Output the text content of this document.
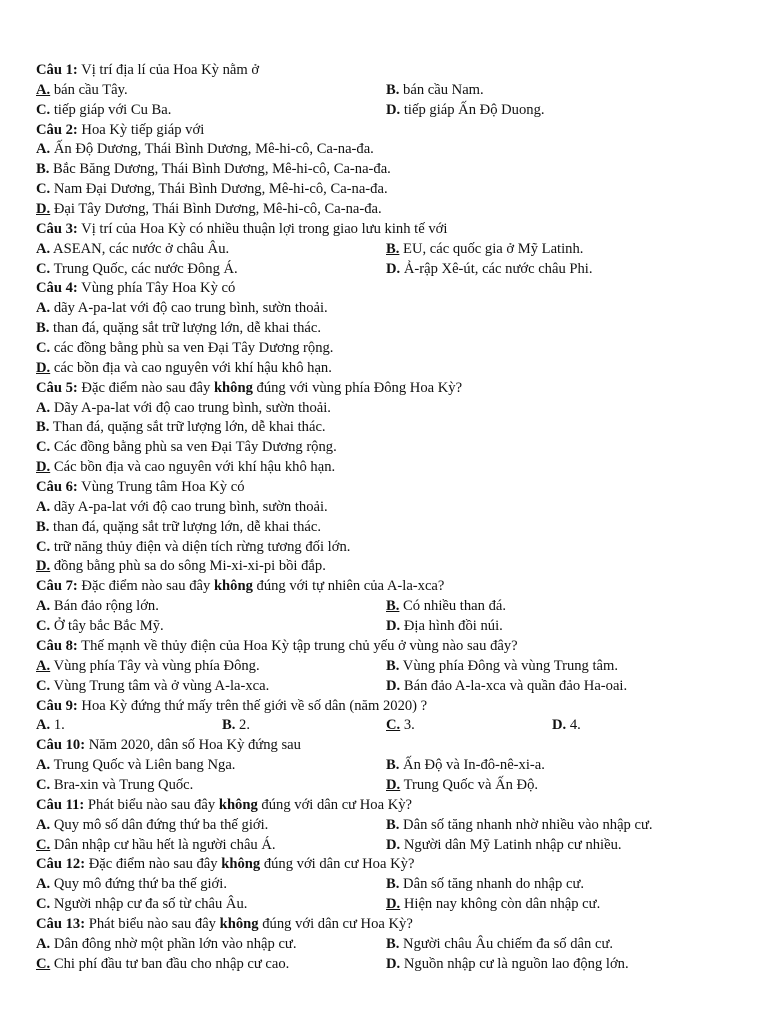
Câu 1: Vị trí địa lí của Hoa Kỳ nằm ở
A. bán cầu Tây.	B. bán cầu Nam.
C. tiếp giáp với Cu Ba.	D. tiếp giáp Ấn Độ Duong.
Câu 2: Hoa Kỳ tiếp giáp với
A. Ấn Độ Dương, Thái Bình Dương, Mê-hi-cô, Ca-na-đa.
B. Bắc Băng Dương, Thái Bình Dương, Mê-hi-cô, Ca-na-đa.
C. Nam Đại Dương, Thái Bình Dương, Mê-hi-cô, Ca-na-đa.
D. Đại Tây Dương, Thái Bình Dương, Mê-hi-cô, Ca-na-đa.
Câu 3: Vị trí của Hoa Kỳ có nhiều thuận lợi trong giao lưu kinh tế với
A. ASEAN, các nước ở châu Âu.	B. EU, các quốc gia ở Mỹ Latinh.
C. Trung Quốc, các nước Đông Á.	D. Ả-rập Xê-út, các nước châu Phi.
Câu 4: Vùng phía Tây Hoa Kỳ có
A. dãy A-pa-lat với độ cao trung bình, sườn thoải.
B. than đá, quặng sắt trữ lượng lớn, dễ khai thác.
C. các đồng bằng phù sa ven Đại Tây Dương rộng.
D. các bồn địa và cao nguyên với khí hậu khô hạn.
Câu 5: Đặc điểm nào sau đây không đúng với vùng phía Đông Hoa Kỳ?
A. Dãy A-pa-lat với độ cao trung bình, sườn thoải.
B. Than đá, quặng sắt trữ lượng lớn, dễ khai thác.
C. Các đồng bằng phù sa ven Đại Tây Dương rộng.
D. Các bồn địa và cao nguyên với khí hậu khô hạn.
Câu 6: Vùng Trung tâm Hoa Kỳ có
A. dãy A-pa-lat với độ cao trung bình, sườn thoải.
B. than đá, quặng sắt trữ lượng lớn, dễ khai thác.
C. trữ năng thủy điện và diện tích rừng tương đối lớn.
D. đồng bằng phù sa do sông Mi-xi-xi-pi bồi đắp.
Câu 7: Đặc điểm nào sau đây không đúng với tự nhiên của A-la-xca?
A. Bán đảo rộng lớn.	B. Có nhiều than đá.
C. Ở tây bắc Bắc Mỹ.	D. Địa hình đồi núi.
Câu 8: Thế mạnh về thủy điện của Hoa Kỳ tập trung chủ yếu ở vùng nào sau đây?
A. Vùng phía Tây và vùng phía Đông.	B. Vùng phía Đông và vùng Trung tâm.
C. Vùng Trung tâm và ở vùng A-la-xca.	D. Bán đảo A-la-xca và quần đảo Ha-oai.
Câu 9: Hoa Kỳ đứng thứ mấy trên thế giới về số dân (năm 2020) ?
A. 1.	B. 2.	C. 3.	D. 4.
Câu 10: Năm 2020, dân số Hoa Kỳ đứng sau
A. Trung Quốc và Liên bang Nga.	B. Ấn Độ và In-đô-nê-xi-a.
C. Bra-xin và Trung Quốc.	D. Trung Quốc và Ấn Độ.
Câu 11: Phát biểu nào sau đây không đúng với dân cư Hoa Kỳ?
A. Quy mô số dân đứng thứ ba thế giới.	B. Dân số tăng nhanh nhờ nhiều vào nhập cư.
C. Dân nhập cư hầu hết là người châu Á.	D. Người dân Mỹ Latinh nhập cư nhiều.
Câu 12: Đặc điểm nào sau đây không đúng với dân cư Hoa Kỳ?
A. Quy mô đứng thứ ba thế giới.	B. Dân số tăng nhanh do nhập cư.
C. Người nhập cư đa số từ châu Âu.	D. Hiện nay không còn dân nhập cư.
Câu 13: Phát biểu nào sau đây không đúng với dân cư Hoa Kỳ?
A. Dân đông nhờ một phần lớn vào nhập cư.	B. Người châu Âu chiếm đa số dân cư.
C. Chi phí đầu tư ban đầu cho nhập cư cao.	D. Nguồn nhập cư là nguồn lao động lớn.
